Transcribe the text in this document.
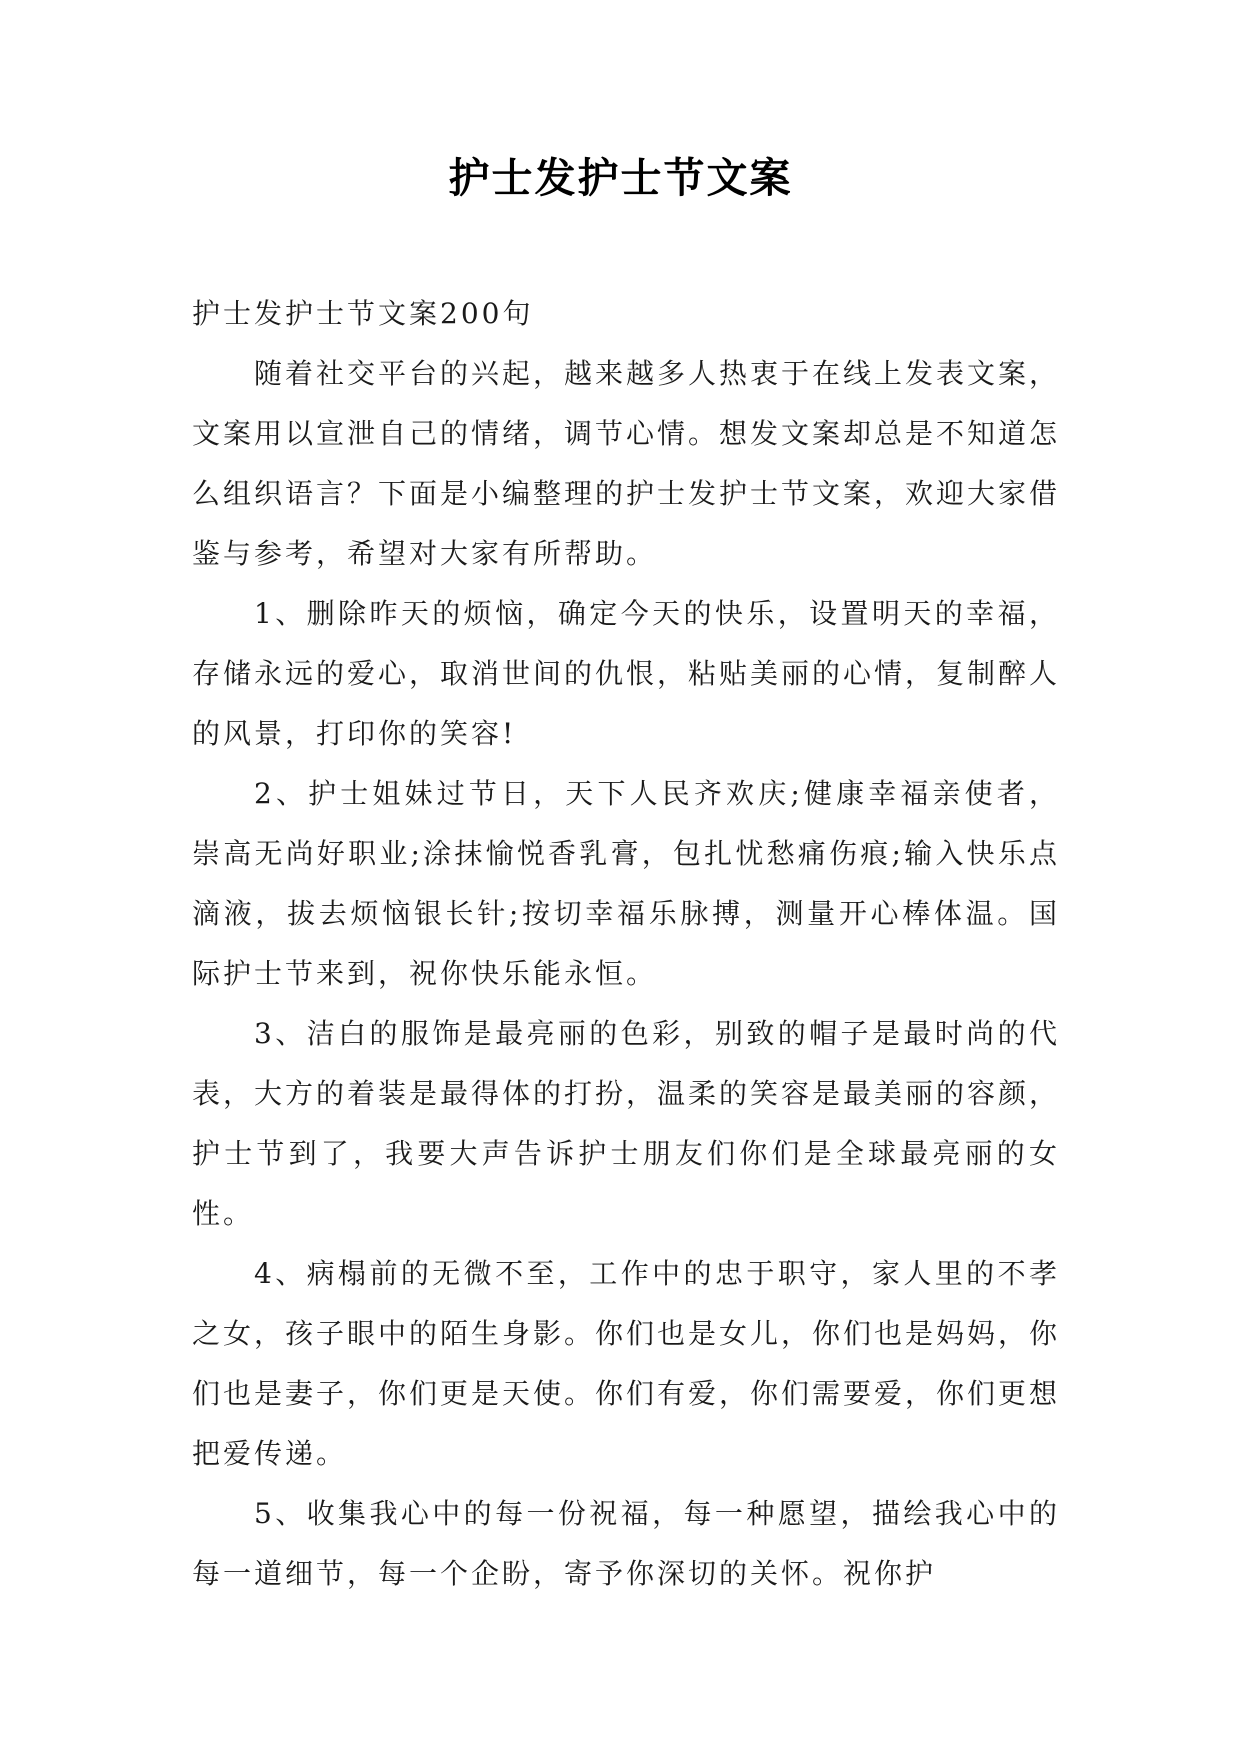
护士发护士节文案

护士发护士节文案200句

随着社交平台的兴起，越来越多人热衷于在线上发表文案，文案用以宣泄自己的情绪，调节心情。想发文案却总是不知道怎么组织语言？下面是小编整理的护士发护士节文案，欢迎大家借鉴与参考，希望对大家有所帮助。

1、删除昨天的烦恼，确定今天的快乐，设置明天的幸福，存储永远的爱心，取消世间的仇恨，粘贴美丽的心情，复制醉人的风景，打印你的笑容!

2、护士姐妹过节日，天下人民齐欢庆;健康幸福亲使者，崇高无尚好职业;涂抹愉悦香乳膏，包扎忧愁痛伤痕;输入快乐点滴液，拔去烦恼银长针;按切幸福乐脉搏，测量开心棒体温。国际护士节来到，祝你快乐能永恒。

3、洁白的服饰是最亮丽的色彩，别致的帽子是最时尚的代表，大方的着装是最得体的打扮，温柔的笑容是最美丽的容颜，护士节到了，我要大声告诉护士朋友们你们是全球最亮丽的女性。

4、病榻前的无微不至，工作中的忠于职守，家人里的不孝之女，孩子眼中的陌生身影。你们也是女儿，你们也是妈妈，你们也是妻子，你们更是天使。你们有爱，你们需要爱，你们更想把爱传递。

5、收集我心中的每一份祝福，每一种愿望，描绘我心中的每一道细节，每一个企盼，寄予你深切的关怀。祝你护
